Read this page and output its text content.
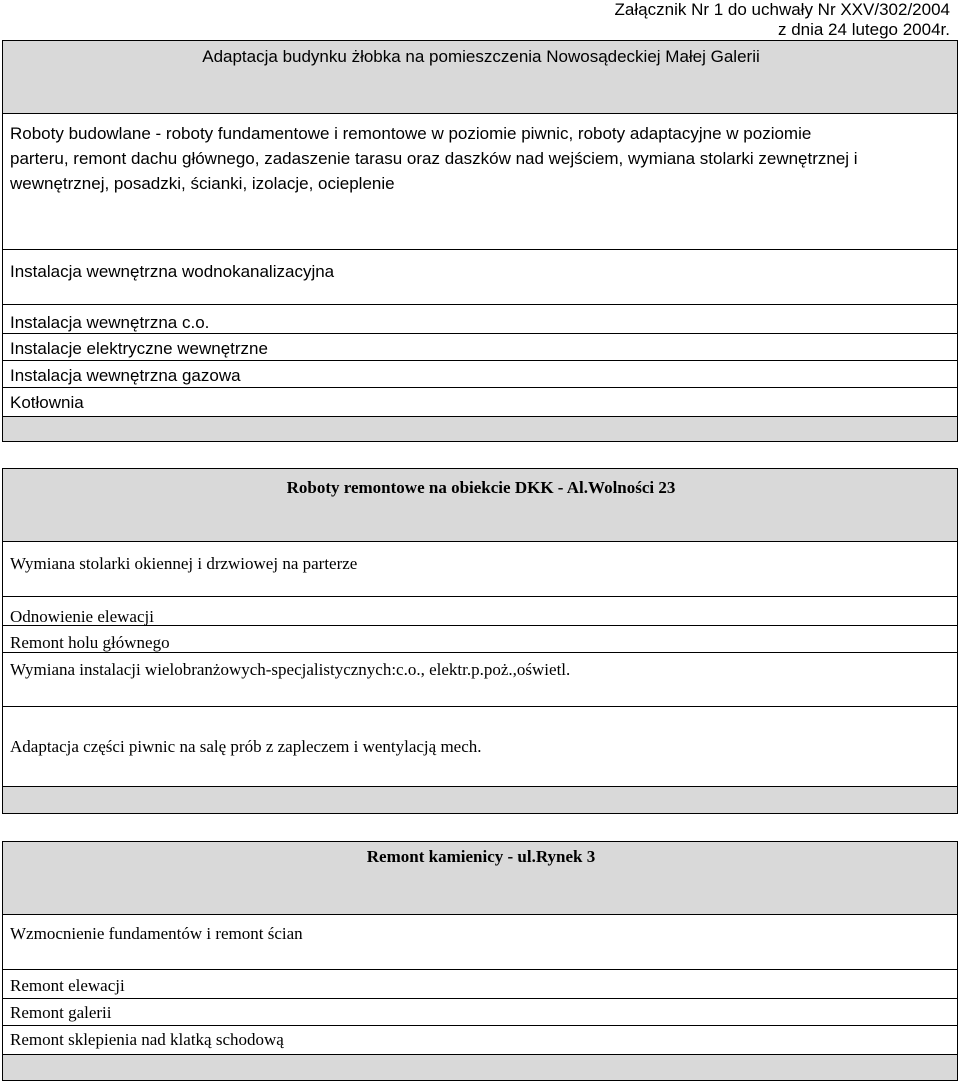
Załącznik Nr 1 do uchwały Nr XXV/302/2004
z dnia 24 lutego 2004r.
Adaptacja budynku żłobka na pomieszczenia Nowosądeckiej Małej Galerii
Roboty budowlane - roboty fundamentowe i remontowe w poziomie piwnic, roboty adaptacyjne w poziomie
parteru, remont dachu głównego, zadaszenie tarasu oraz daszków nad wejściem, wymiana stolarki zewnętrznej i
wewnętrznej, posadzki, ścianki, izolacje, ocieplenie
Instalacja wewnętrzna wodnokanalizacyjna
Instalacja wewnętrzna c.o.
Instalacje elektryczne wewnętrzne
Instalacja wewnętrzna gazowa
Kotłownia
Roboty remontowe na obiekcie DKK - Al.Wolności 23
Wymiana stolarki okiennej i drzwiowej na parterze
Odnowienie elewacji
Remont holu głównego
Wymiana instalacji wielobranżowych-specjalistycznych:c.o., elektr.p.poż.,oświetl.
Adaptacja części piwnic na salę prób z zapleczem i wentylacją mech.
Remont kamienicy - ul.Rynek 3
Wzmocnienie fundamentów i remont ścian
Remont elewacji
Remont galerii
Remont sklepienia nad klatką schodową
